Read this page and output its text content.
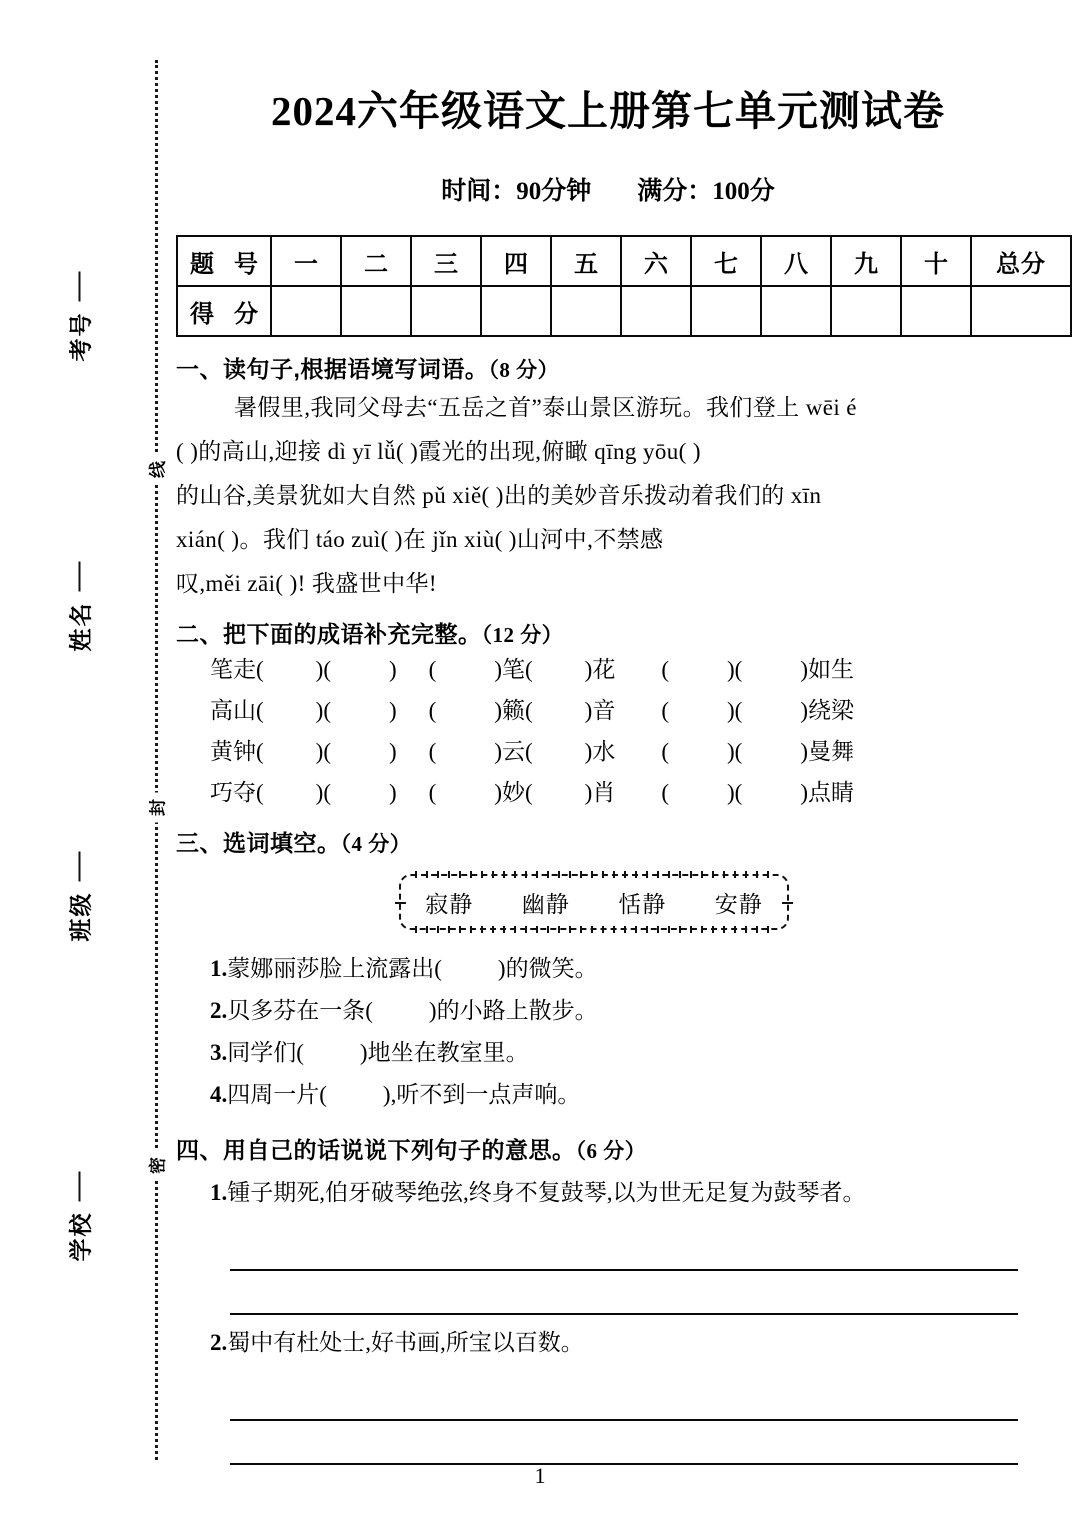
考号
姓名
班级
学校
线
封
密
2024六年级语文上册第七单元测试卷
时间：90分钟 满分：100分
题 号	一	二	三	四	五	六	七	八	九	十	总分
得 分											
一、读句子,根据语境写词语。（8 分）
暑假里,我同父母去“五岳之首”泰山景区游玩。我们登上 wēi é
( )的高山,迎接 dì yī lǚ( )霞光的出现,俯瞰 qīng yōu( )
的山谷,美景犹如大自然 pǔ xiě( )出的美妙音乐拨动着我们的 xīn
xián( )。我们 táo zuì( )在 jǐn xiù( )山河中,不禁感
叹,měi zāi( )! 我盛世中华!
二、把下面的成语补充完整。（12 分）
笔走( )(	) (	)笔( )花 (	)(	)如生
高山( )(	) (	)籁( )音 (	)(	)绕梁
黄钟( )(	) (	)云( )水 (	)(	)曼舞
巧夺( )(	) (	)妙( )肖 (	)(	)点睛
三、选词填空。（4 分）
寂静 幽静 恬静 安静
1.蒙娜丽莎脸上流露出( )的微笑。
2.贝多芬在一条( )的小路上散步。
3.同学们( )地坐在教室里。
4.四周一片( ),听不到一点声响。
四、用自己的话说说下列句子的意思。（6 分）
1.锺子期死,伯牙破琴绝弦,终身不复鼓琴,以为世无足复为鼓琴者。
2.蜀中有杜处士,好书画,所宝以百数。
1
